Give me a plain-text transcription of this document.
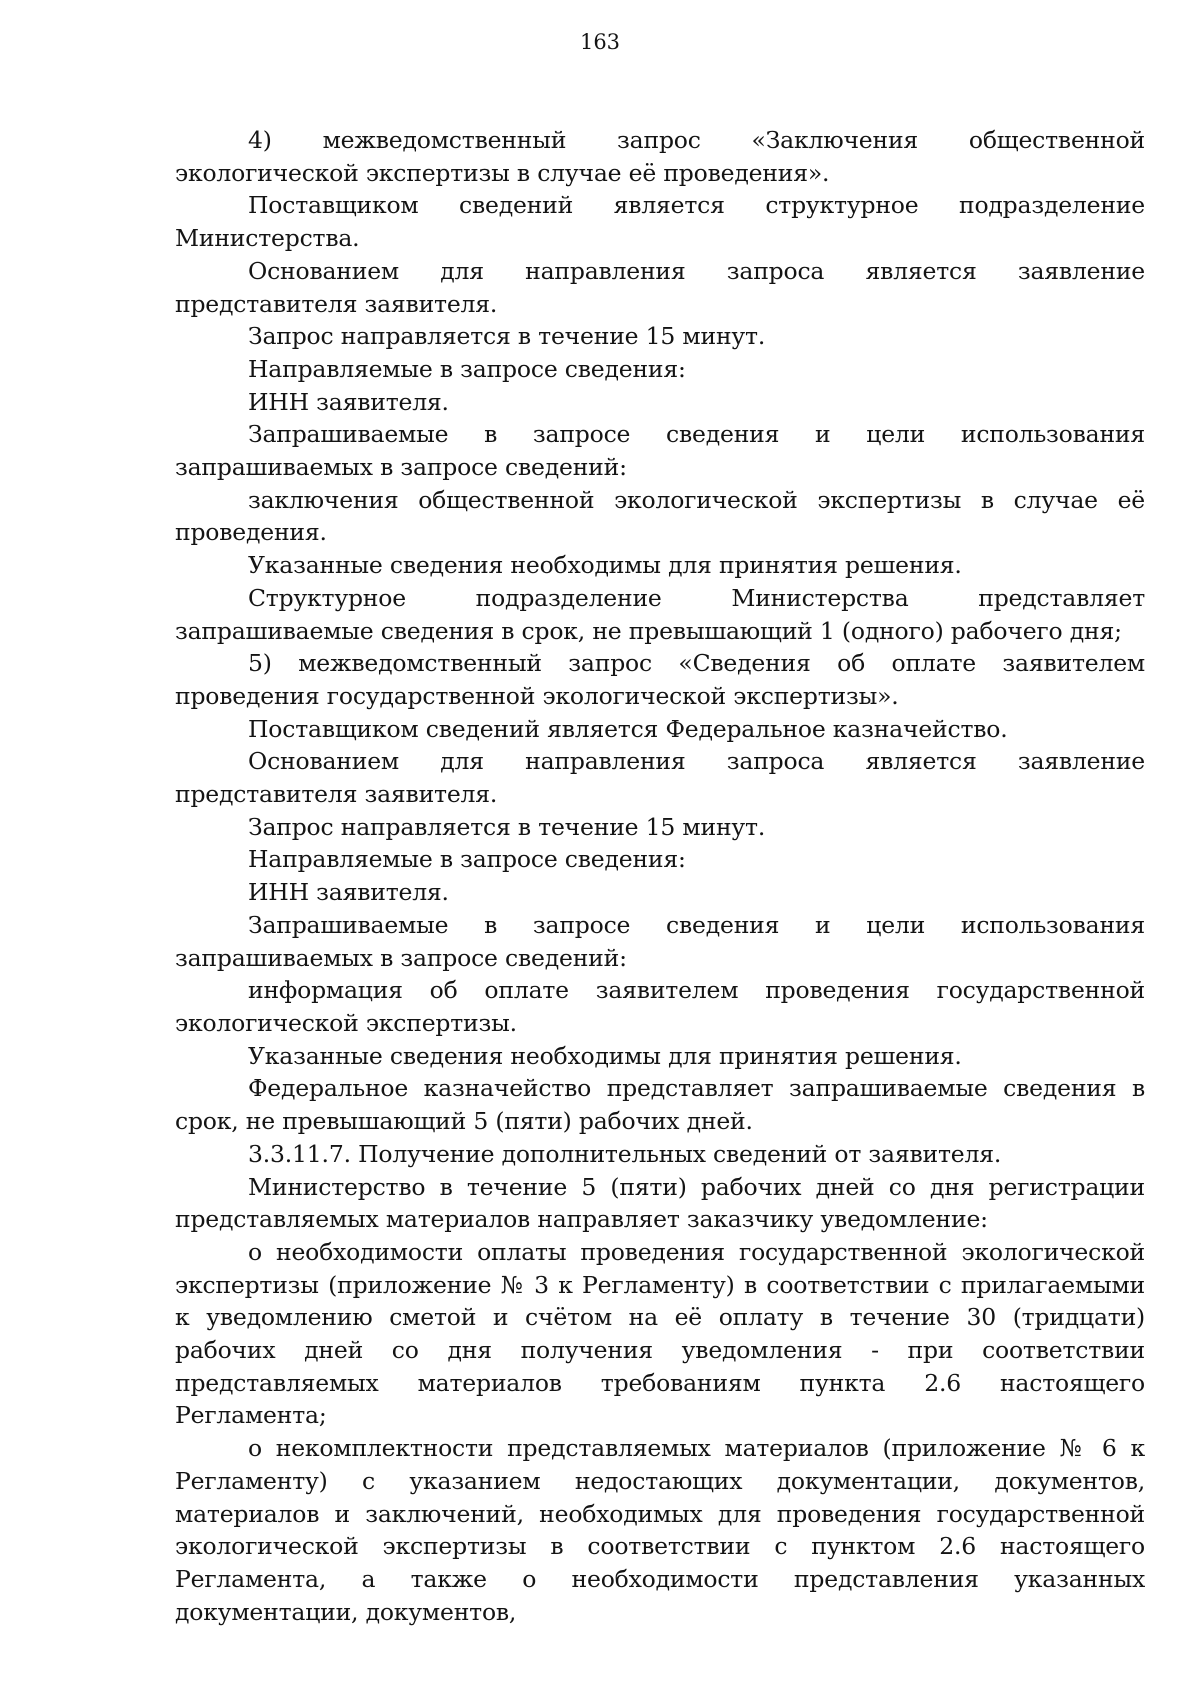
163

4) межведомственный запрос «Заключения общественной экологической экспертизы в случае её проведения».

Поставщиком сведений является структурное подразделение Министерства.

Основанием для направления запроса является заявление представителя заявителя.

Запрос направляется в течение 15 минут.

Направляемые в запросе сведения:

ИНН заявителя.

Запрашиваемые в запросе сведения и цели использования запрашиваемых в запросе сведений:

заключения общественной экологической экспертизы в случае её проведения.

Указанные сведения необходимы для принятия решения.

Структурное подразделение Министерства представляет запрашиваемые сведения в срок, не превышающий 1 (одного) рабочего дня;

5) межведомственный запрос «Сведения об оплате заявителем проведения государственной экологической экспертизы».

Поставщиком сведений является Федеральное казначейство.

Основанием для направления запроса является заявление представителя заявителя.

Запрос направляется в течение 15 минут.

Направляемые в запросе сведения:

ИНН заявителя.

Запрашиваемые в запросе сведения и цели использования запрашиваемых в запросе сведений:

информация об оплате заявителем проведения государственной экологической экспертизы.

Указанные сведения необходимы для принятия решения.

Федеральное казначейство представляет запрашиваемые сведения в срок, не превышающий 5 (пяти) рабочих дней.

3.3.11.7. Получение дополнительных сведений от заявителя.

Министерство в течение 5 (пяти) рабочих дней со дня регистрации представляемых материалов направляет заказчику уведомление:

о необходимости оплаты проведения государственной экологической экспертизы (приложение № 3 к Регламенту) в соответствии с прилагаемыми к уведомлению сметой и счётом на её оплату в течение 30 (тридцати) рабочих дней со дня получения уведомления - при соответствии представляемых материалов требованиям пункта 2.6 настоящего Регламента;

о некомплектности представляемых материалов (приложение № 6 к Регламенту) с указанием недостающих документации, документов, материалов и заключений, необходимых для проведения государственной экологической экспертизы в соответствии с пунктом 2.6 настоящего Регламента, а также о необходимости представления указанных документации, документов,
